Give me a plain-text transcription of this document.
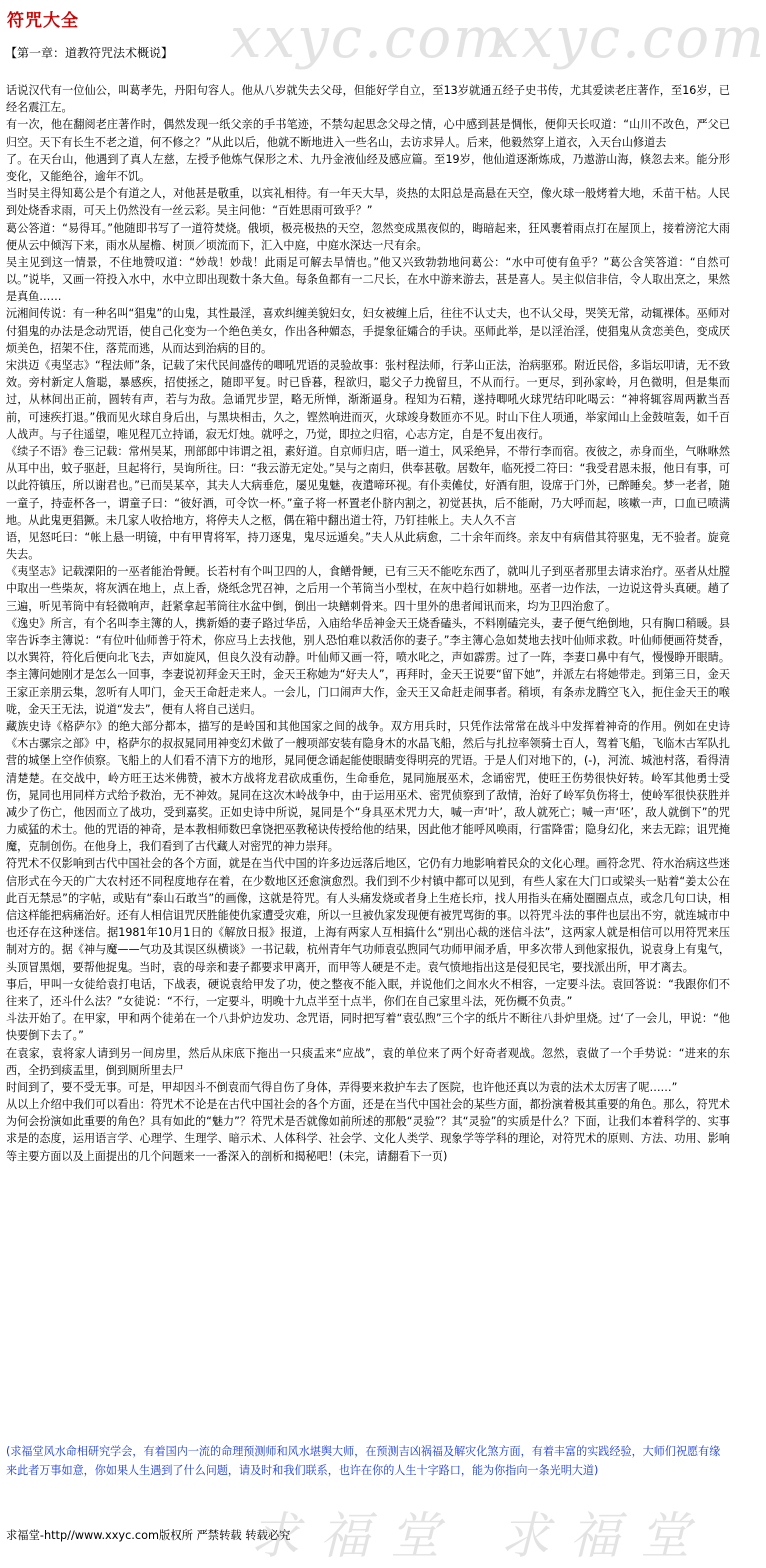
xxyc.com
xxyc.com
求 福 堂 求 福 堂
符咒大全
【第一章：道教符咒法术概说】

话说汉代有一位仙公，叫葛孝先，丹阳句容人。他从八岁就失去父母，但能好学自立，至13岁就通五经子史书传，尤其爱读老庄著作，至16岁，已经名震江左。

有一次，他在翻阅老庄著作时，偶然发现一纸父亲的手书笔迹，不禁勾起思念父母之情，心中感到甚是惆怅，便仰天长叹道：“山川不改色，严父已归空。天下有长生不老之道，何不修之？”从此以后，他就不断地进入一些名山，去访求异人。后来，他毅然穿上道衣，入天台山修道去

了。在天台山，他遇到了真人左慈，左授予他炼气保形之术、九丹金液仙经及感应篇。至19岁，他仙道逐渐炼成，乃遨游山海，倏忽去来。能分形变化，又能绝谷，逾年不饥。

当时吴主得知葛公是个有道之人，对他甚是敬重，以宾礼相待。有一年天大旱，炎热的太阳总是高悬在天空，像火球一般烤着大地，禾苗干枯。人民到处烧香求雨，可天上仍然没有一丝云彩。吴主问他：“百姓思雨可致乎？”

葛公答道：“易得耳。”他随即书写了一道符焚烧。俄顷，极亮极热的天空，忽然变成黑夜似的，晦暗起来，狂风裹着雨点打在屋顶上，接着滂沱大雨便从云中倾泻下来，雨水从屋檐、树顶／顷流而下，汇入中庭，中庭水深达一尺有余。

吴主见到这一情景，不住地赞叹道：“妙哉！妙哉！此雨足可解去旱情也。”他又兴致勃勃地问葛公：“水中可使有鱼乎？”葛公含笑答道：“自然可以。”说毕，又画一符投入水中，水中立即出现数十条大鱼。每条鱼都有一二尺长，在水中游来游去，甚是喜人。吴主似信非信，令人取出烹之，果然是真鱼……

沅湘间传说：有一种名叫“猖鬼”的山鬼，其性最淫，喜欢纠缠美貌妇女，妇女被缠上后，往往不认丈夫，也不认父母，哭笑无常，动辄裸体。巫师对付猖鬼的办法是念动咒语，使自己化变为一个绝色美女，作出各种媚态，手提象征孀合的手诀。巫师此举，是以淫治淫，使猖鬼从贪恋美色，变成厌烦美色，招架不住，落荒而逃，从而达到治病的目的。

宋洪迈《夷坚志》“程法师”条，记载了宋代民间盛传的唧吼咒语的灵验故事：张村程法师，行茅山正法，治病驱邪。附近民俗，多诣坛叩请，无不致效。旁村新定人詹聪，暴感疾，招使拯之，随即平复。时已昏暮，程欲归，聪父子力挽留旦，不从而行。一更尽，到孙家岭，月色微明，但是集而过，从林间出正前，圆转有声，若与为敌。急诵咒步罡，略无所惮，渐渐逼身。程知为石精，遂持唧吼火球咒结印叱喝云：“神将辄容周两歉当吾前，可速疾打退。”俄而见火球自身后出，与黑块相击，久之，铿然响进而灭，火球竣身数匝亦不见。时山下住人项通，举家闻山上金鼓喧轰，如千百人战声。与子往遥望，唯见程兀立持诵，寂无灯烛。就呼之，乃觉，即拉之归宿，心志方定，自是不复出夜行。

《续子不语》卷三记载：常州吴某，刑部郎中讳谓之祖，素好道。自京师归店，晤一道士，风采绝异，不带行李而宿。夜彼之，赤身而坐，气咻咻然从耳中出，蚊子驱赶，旦起将行，吴询所往。曰：“我云游无定处。”吴与之南归，供奉甚敬。居数年，临死授二符曰：“我受君恩未报，他日有事，可以此符镇压，所以谢君也。”已而吴某卒，其夫人大病垂危，屡见鬼魅，夜遣啼环视。有仆卖傩仗，好酒有胆，设席于门外，已醉睡矣。梦一老者，随一童子，持壶杯各一，谓童子曰：“彼好酒，可令饮一杯。”童子将一杯置老仆脐内割之，初觉甚执，后不能耐，乃大呼而起，咳嗽一声，口血已喷满地。从此鬼更猖獗。未几家人收拾地方，将停夫人之柩，偶在箱中翻出道士符，乃钉挂帐上。夫人久不言

语，见怒吒曰：“帐上悬一明镜，中有甲冑将军，持刀逐鬼，鬼尽远遁矣。”夫人从此病愈，二十余年而终。亲友中有病借其符驱鬼，无不验者。旋竟失去。

《夷坚志》记载溧阳的一巫者能治骨鲠。长若村有个叫卫四的人，食鳝骨鲠，已有三天不能吃东西了，就叫儿子到巫者那里去请求治疗。巫者从灶膛中取出一些柴灰，将灰洒在地上，点上香，烧纸念咒召神，之后用一个苇筒当小型杖，在灰中趋行如耕地。巫者一边作法，一边说这骨头真硬。趟了三遍，听见苇筒中有轻微响声，赶紧拿起苇筒往水盆中倒，倒出一块鳝刺骨来。四十里外的患者闻讯而来，均为卫四治愈了。

《逸史》所言，有个名叫李主簿的人，携新婚的妻子路过华岳，入庙给华岳神金天王烧香磕头，不料刚磕完头，妻子便气绝倒地，只有胸口稍暖。县宰告诉李主簿说：“有位叶仙师善于符术，你应马上去找他，别人恐怕难以救活你的妻子。”李主簿心急如焚地去找叶仙师求救。叶仙师便画符焚香，以水巽符，符化后便向北飞去，声如旋风，但良久没有动静。叶仙师又画一符，喷水叱之，声如霹雳。过了一阵，李妻口鼻中有气，慢慢睁开眼睛。李主簿问她刚才是怎么一回事，李妻说初拜金天王时，金天王称她为“好夫人”，再拜时，金天王说要“留下她”，并派左右将她带走。到第三日，金天王家正亲朋云集，忽听有人叩门，金天王命赶走来人。一会儿，门口闹声大作，金天王又命赶走闹事者。稍顷，有条赤龙腾空飞入，扼住金天王的喉咙，金天王无法，说道“发去”，便有人将自己送归。

藏族史诗《格萨尔》的绝大部分都本，描写的是岭国和其他国家之间的战争。双方用兵时，只凭作法常常在战斗中发挥着神奇的作用。例如在史诗《木古骡宗之部》中，格萨尔的叔叔晁同用神变幻术做了一艘项部安装有隐身木的水晶飞船，然后与扎拉率领骑士百人，驾着飞船，飞临木古军队扎营的城堡上空作侦察。飞船上的人们看不清下方的地形，晁同便念诵起能使眼睛变得明亮的咒语。于是人们对地下的，(-)，河流、城池村落，看得清清楚楚。在交战中，岭方旺王达米佛赞，被木方战将龙君砍成重伤，生命垂危，晁同施展巫术，念诵密咒，使旺王伤势很快好转。岭军其他勇士受伤，晁同也用同样方式给予救治，无不神效。晁同在这次木岭战争中，由于运用巫术、密咒侦察到了敌情，治好了岭军负伤将士，使岭军很快获胜并减少了伤亡，他因而立了战功，受到嘉奖。正如史诗中所说，晁同是个“身具巫术咒力大，喊一声‘叶’，敌人就死亡；喊一声‘呸’，敌人就倒下”的咒力威猛的术士。他的咒语的神奇，是本教相师数巴拿饶把巫教秘诀传授给他的结果，因此他才能呼风唤雨，行雷降雷；隐身幻化，来去无踪；诅咒掩魔，克制创伤。在他身上，我们看到了古代藏人对密咒的神力崇拜。

符咒术不仅影响到古代中国社会的各个方面，就是在当代中国的许多边远落后地区，它仍有力地影响着民众的文化心理。画符念咒、符水治病这些迷信形式在今天的广大农村还不同程度地存在着，在少数地区还愈演愈烈。我们到不少村镇中都可以见到，有些人家在大门口或梁头一贴着“姜太公在此百无禁忌”的字帖，或贴有“泰山石敢当”的画像，这就是符咒。有人头痛发烧或者身上生疮长疖，找人用指头在痛处圈圈点点，或念几句口诀，相信这样能把病痛治好。还有人相信诅咒厌胜能使仇家遭受灾难，所以一旦被仇家发现便有被咒骂街的事。以符咒斗法的事件也层出不穷，就连城市中也还存在这种迷信。据1981年10月1日的《解放日报》报道，上海有两家人互相搞什么“别出心裁的迷信斗法”，这两家人就是相信可以用符咒来压制对方的。据《神与魔——气功及其误区纵横谈》一书记载，杭州青年气功师袁弘煦同气功师甲闹矛盾，甲多次带人到他家报仇，说袁身上有鬼气，头顶冒黑烟，要帮他捉鬼。当时，袁的母亲和妻子都要求甲离开，而甲等人硬是不走。袁气愤地指出这是侵犯民宅，要找派出所，甲才离去。

事后，甲叫一女徒给袁打电话，下战表，硬说袁给甲发了功，使之整夜不能入眠，并说他们之间水火不相容，一定要斗法。袁回答说：“我跟你们不往来了，还斗什么法？”女徒说：“不行，一定要斗，明晚十九点半至十点半，你们在自己家里斗法，死伤概不负责。”

斗法开始了。在甲家，甲和两个徒弟在一个八卦炉边发功、念咒语，同时把写着“袁弘煦”三个字的纸片不断往八卦炉里烧。过‘了一会儿，甲说：“他快要倒下去了。”

在袁家，袁将家人请到另一间房里，然后从床底下拖出一只痰盂来“应战”，袁的单位来了两个好奇者观战。忽然，袁做了一个手势说：“进来的东西，全扔到痰盂里，倒到厕所里去尸

时间到了，要不受无事。可是，甲却因斗不倒袁而气得自伤了身体，弄得要来救护车去了医院，也许他还真以为袁的法术太厉害了呢……”

从以上介绍中我们可以看出：符咒术不论是在古代中国社会的各个方面，还是在当代中国社会的某些方面，都扮演着极其重要的角色。那么，符咒术为何会扮演如此重要的角色？具有如此的“魅力”？符咒术是否就像如前所述的那般“灵验”？其“灵验”的实质是什么？下面，让我们本着科学的、实事求是的态度，运用语言学、心理学、生理学、暗示术、人体科学、社会学、文化人类学、现象学等学科的理论，对符咒术的原则、方法、功用、影响等主要方面以及上面提出的几个问题来一一番深入的剖析和揭秘吧！(未完，请翻看下一页)

(求福堂风水命相研究学会，有着国内一流的命理预测师和风水堪舆大师，在预测吉凶祸福及解灾化煞方面，有着丰富的实践经验，大师们祝愿有缘来此者万事如意，你如果人生遇到了什么问题，请及时和我们联系，也许在你的人生十字路口，能为你指向一条光明大道)
求福堂-http//www.xxyc.com版权所 严禁转载 转载必究
